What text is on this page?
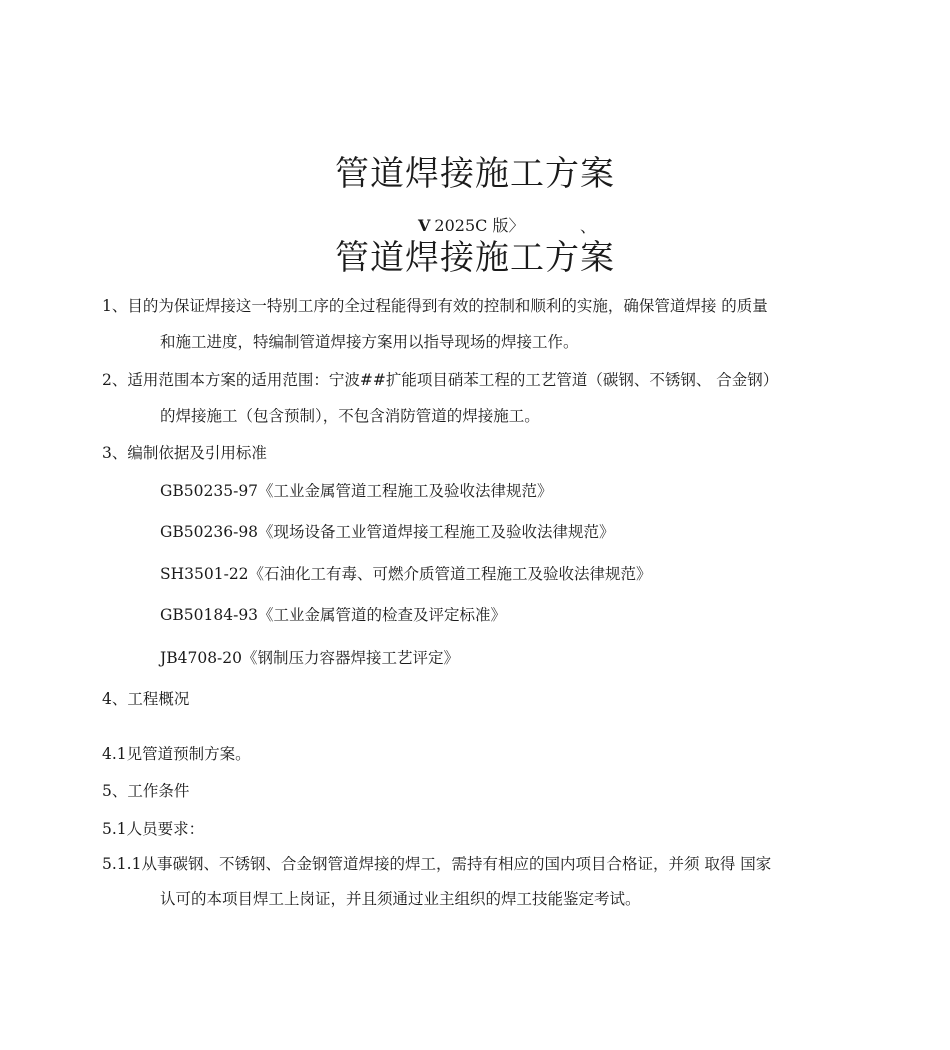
管道焊接施工方案
V 2025C 版〉	、
管道焊接施工方案
1、目的为保证焊接这一特别工序的全过程能得到有效的控制和顺利的实施，确保管道焊接 的质量
和施工进度，特编制管道焊接方案用以指导现场的焊接工作。
2、适用范围本方案的适用范围：宁波##扩能项目硝苯工程的工艺管道（碳钢、不锈钢、 合金钢）
的焊接施工（包含预制），不包含消防管道的焊接施工。
3、编制依据及引用标准
GB50235-97《工业金属管道工程施工及验收法律规范》
GB50236-98《现场设备工业管道焊接工程施工及验收法律规范》
SH3501-22《石油化工有毒、可燃介质管道工程施工及验收法律规范》
GB50184-93《工业金属管道的检查及评定标准》
JB4708-20《钢制压力容器焊接工艺评定》
4、工程概况
4.1见管道预制方案。
5、工作条件
5.1人员要求：
5.1.1从事碳钢、不锈钢、合金钢管道焊接的焊工，需持有相应的国内项目合格证，并须 取得 国家
认可的本项目焊工上岗证，并且须通过业主组织的焊工技能鉴定考试。
